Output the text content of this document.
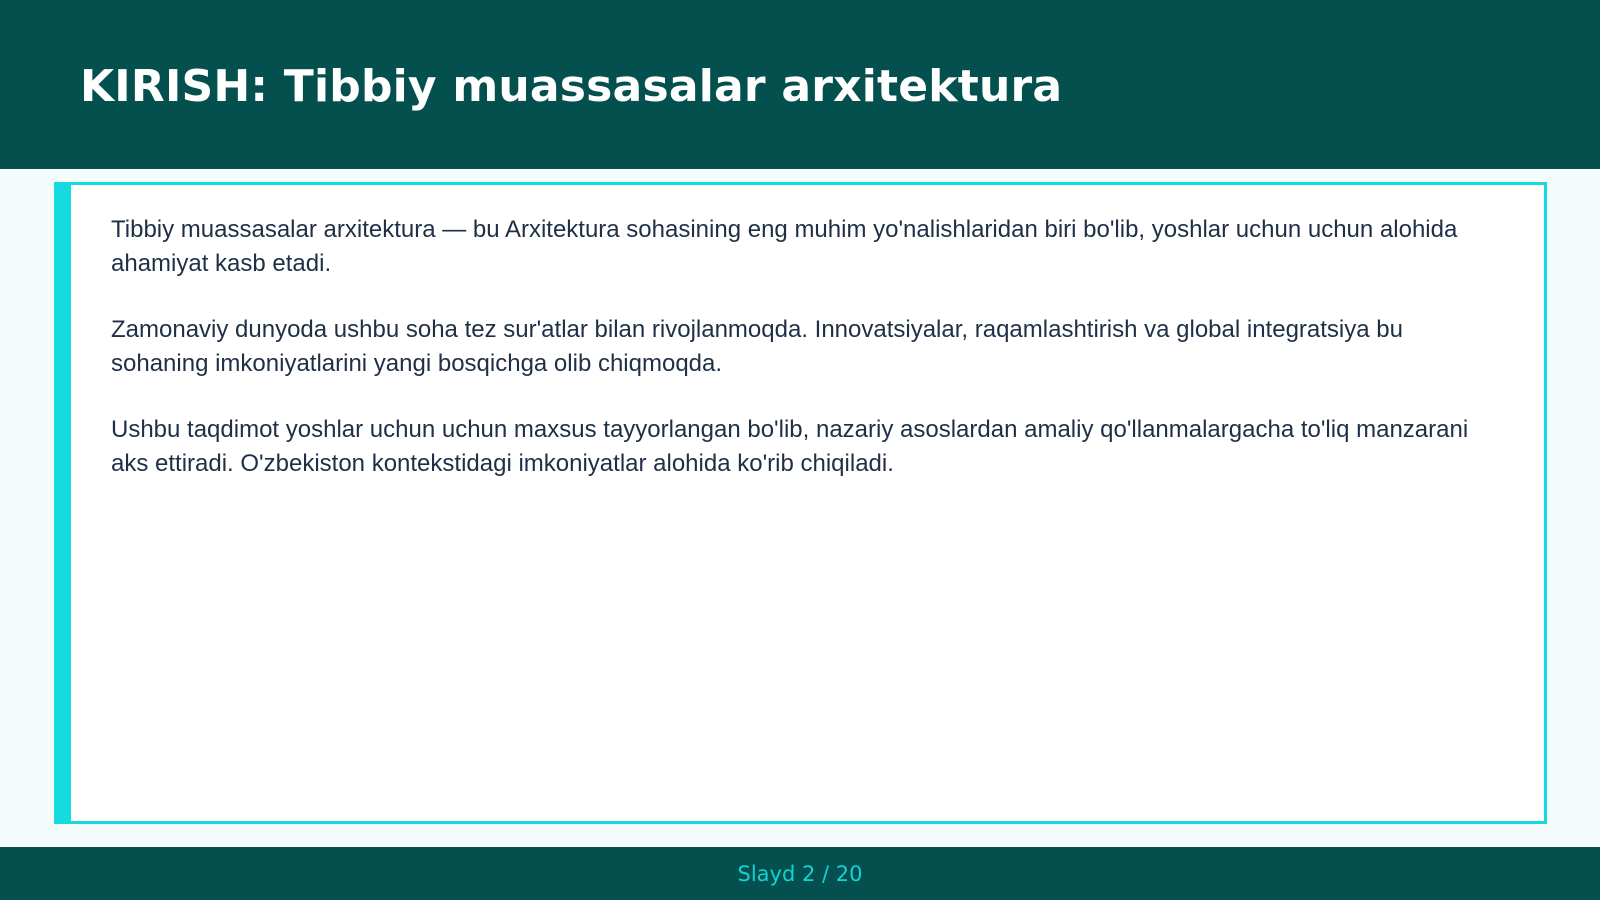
KIRISH: Tibbiy muassasalar arxitektura

Tibbiy muassasalar arxitektura — bu Arxitektura sohasining eng muhim yo'nalishlaridan biri bo'lib, yoshlar uchun uchun alohida ahamiyat kasb etadi.

Zamonaviy dunyoda ushbu soha tez sur'atlar bilan rivojlanmoqda. Innovatsiyalar, raqamlashtirish va global integratsiya bu sohaning imkoniyatlarini yangi bosqichga olib chiqmoqda.

Ushbu taqdimot yoshlar uchun uchun maxsus tayyorlangan bo'lib, nazariy asoslardan amaliy qo'llanmalargacha to'liq manzarani aks ettiradi. O'zbekiston kontekstidagi imkoniyatlar alohida ko'rib chiqiladi.

Slayd 2 / 20
